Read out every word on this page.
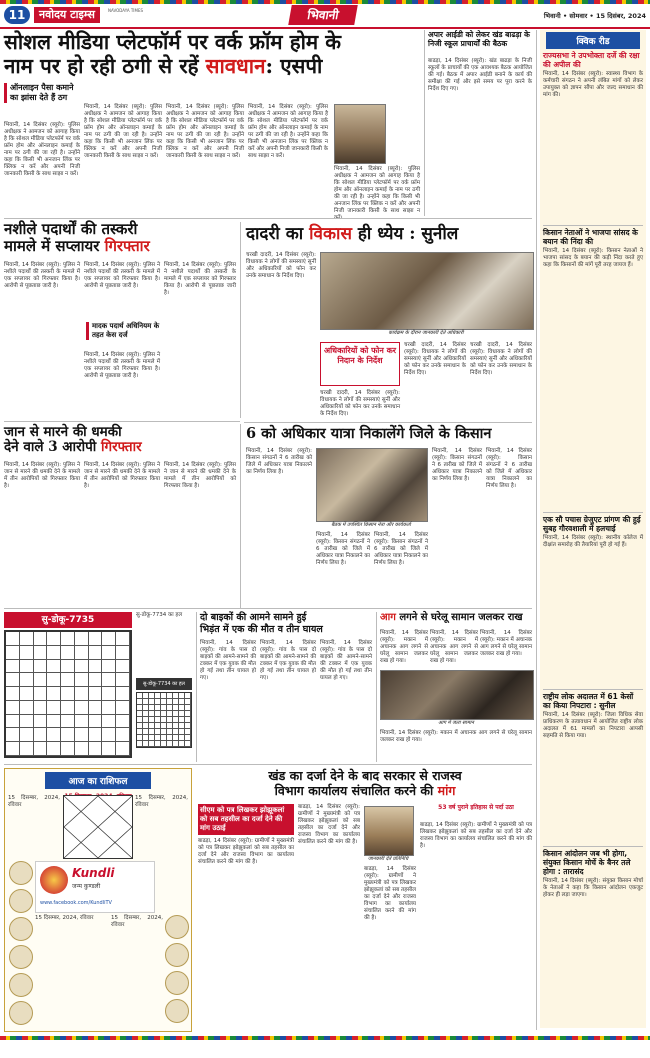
11	नवोदय टाइम्स	NAVODAYA TIMES	भिवानी	भिवानी • सोमवार • 15 दिसंबर, 2024
सोशल मीडिया प्लेटफॉर्म पर वर्क फ्रॉम होम के
नाम पर हो रही ठगी से रहें सावधान: एसपी
ऑनलाइन पैसा कमाने का झांसा देते हैं ठग
भिवानी, 14 दिसंबर (ब्यूरो): पुलिस अधीक्षक ने आमजन को आगाह किया है कि सोशल मीडिया प्लेटफॉर्म पर वर्क फ्रॉम होम और ऑनलाइन कमाई के नाम पर ठगी की जा रही है। उन्होंने कहा कि किसी भी अनजान लिंक पर क्लिक न करें और अपनी निजी जानकारी किसी के साथ साझा न करें।
भिवानी, 14 दिसंबर (ब्यूरो): पुलिस अधीक्षक ने आमजन को आगाह किया है कि सोशल मीडिया प्लेटफॉर्म पर वर्क फ्रॉम होम और ऑनलाइन कमाई के नाम पर ठगी की जा रही है। उन्होंने कहा कि किसी भी अनजान लिंक पर क्लिक न करें और अपनी निजी जानकारी किसी के साथ साझा न करें।
भिवानी, 14 दिसंबर (ब्यूरो): पुलिस अधीक्षक ने आमजन को आगाह किया है कि सोशल मीडिया प्लेटफॉर्म पर वर्क फ्रॉम होम और ऑनलाइन कमाई के नाम पर ठगी की जा रही है। उन्होंने कहा कि किसी भी अनजान लिंक पर क्लिक न करें और अपनी निजी जानकारी किसी के साथ साझा न करें।
भिवानी, 14 दिसंबर (ब्यूरो): पुलिस अधीक्षक ने आमजन को आगाह किया है कि सोशल मीडिया प्लेटफॉर्म पर वर्क फ्रॉम होम और ऑनलाइन कमाई के नाम पर ठगी की जा रही है। उन्होंने कहा कि किसी भी अनजान लिंक पर क्लिक न करें और अपनी निजी जानकारी किसी के साथ साझा न करें।
भिवानी, 14 दिसंबर (ब्यूरो): पुलिस अधीक्षक ने आमजन को आगाह किया है कि सोशल मीडिया प्लेटफॉर्म पर वर्क फ्रॉम होम और ऑनलाइन कमाई के नाम पर ठगी की जा रही है। उन्होंने कहा कि किसी भी अनजान लिंक पर क्लिक न करें और अपनी निजी जानकारी किसी के साथ साझा न
अपार आईडी को लेकर खंड बाढड़ा के निजी स्कूल प्राचार्यों की बैठक
बाढड़ा, 14 दिसंबर (ब्यूरो): खंड बाढड़ा के निजी स्कूलों के प्राचार्यों की एक आवश्यक बैठक आयोजित की गई। बैठक में अपार आईडी बनाने के कार्य की समीक्षा की गई और इसे समय पर पूरा करने के निर्देश दिए गए।
क्विक रीड
राज्यसभा ने उपभोक्ता दर्जे की रक्षा की अपील की
भिवानी, 14 दिसंबर (ब्यूरो): स्वास्थ्य विभाग के कर्मचारी संगठन ने अपनी लंबित मांगों को लेकर उपायुक्त को ज्ञापन सौंपा और जल्द समाधान की मांग की।
किसान नेताओं ने भाजपा सांसद के बयान की निंदा की
भिवानी, 14 दिसंबर (ब्यूरो): किसान नेताओं ने भाजपा सांसद के बयान की कड़ी निंदा करते हुए कहा कि किसानों की मांगें पूरी तरह जायज हैं।
एक सौ पचास ग्रेजुएट प्रांगण की हुई सुबह गौरवशाली में हलचाई
भिवानी, 14 दिसंबर (ब्यूरो): स्थानीय कॉलेज में दीक्षांत समारोह की तैयारियां पूरी हो गई हैं।
राष्ट्रीय लोक अदालत में 61 केसों का किया निपटारा : सुनील
भिवानी, 14 दिसंबर (ब्यूरो): जिला विधिक सेवा प्राधिकरण के तत्वावधान में आयोजित राष्ट्रीय लोक अदालत में 61 मामलों का निपटारा आपसी सहमति से किया गया।
किसान आंदोलन जब भी होगा, संयुक्त किसान मोर्चे के बैनर तले होगा : तारासंद
भिवानी, 14 दिसंबर (ब्यूरो): संयुक्त किसान मोर्चा के नेताओं ने कहा कि किसान आंदोलन एकजुट होकर ही लड़ा जाएगा।
नशीले पदार्थों की तस्करी
मामले में सप्लायर गिरफ्तार
भिवानी, 14 दिसंबर (ब्यूरो): पुलिस ने नशीले पदार्थों की तस्करी के मामले में एक सप्लायर को गिरफ्तार किया है। आरोपी से पूछताछ जारी है।
भिवानी, 14 दिसंबर (ब्यूरो): पुलिस ने नशीले पदार्थों की तस्करी के मामले में एक सप्लायर को गिरफ्तार किया है। आरोपी से पूछताछ जारी है।
मादक पदार्थ अधिनियम के तहत केस दर्ज
भिवानी, 14 दिसंबर (ब्यूरो): पुलिस ने नशीले पदार्थों की तस्करी के मामले में एक सप्लायर को गिरफ्तार किया है। आरोपी से पूछताछ जारी है।
भिवानी, 14 दिसंबर (ब्यूरो): पुलिस ने नशीले पदार्थों की तस्करी के मामले में एक सप्लायर को गिरफ्तार किया है। आरोपी से पूछताछ जारी है।
दादरी का विकास ही ध्येय : सुनील
चरखी दादरी, 14 दिसंबर (ब्यूरो): विधायक ने लोगों की समस्याएं सुनीं और अधिकारियों को फोन कर उनके समाधान के निर्देश दिए।
कार्यक्रम के दौरान जानकारी देते अधिकारी
अधिकारियों को फोन कर निदान के निर्देश
चरखी दादरी, 14 दिसंबर (ब्यूरो): विधायक ने लोगों की समस्याएं सुनीं और अधिकारियों को फोन कर उनके समाधान के निर्देश दिए।
चरखी दादरी, 14 दिसंबर (ब्यूरो): विधायक ने लोगों की समस्याएं सुनीं और अधिकारियों को फोन कर उनके समाधान के निर्देश दिए।
चरखी दादरी, 14 दिसंबर (ब्यूरो): विधायक ने लोगों की समस्याएं सुनीं और अधिकारियों को फोन कर उनके समाधान के निर्देश दिए।
जान से मारने की धमकी
देने वाले 3 आरोपी गिरफ्तार
भिवानी, 14 दिसंबर (ब्यूरो): पुलिस ने जान से मारने की धमकी देने के मामले में तीन आरोपियों को गिरफ्तार किया है।
भिवानी, 14 दिसंबर (ब्यूरो): पुलिस ने जान से मारने की धमकी देने के मामले में तीन आरोपियों को गिरफ्तार किया है।
भिवानी, 14 दिसंबर (ब्यूरो): पुलिस ने जान से मारने की धमकी देने के मामले में तीन आरोपियों को गिरफ्तार किया है।
6 को अधिकार यात्रा निकालेंगे जिले के किसान
भिवानी, 14 दिसंबर (ब्यूरो): किसान संगठनों ने 6 तारीख को जिले में अधिकार यात्रा निकालने का निर्णय लिया है।
बैठक में उपस्थित किसान नेता और कार्यकर्ता
भिवानी, 14 दिसंबर (ब्यूरो): किसान संगठनों ने 6 तारीख को जिले में अधिकार यात्रा निकालने का निर्णय लिया है।
भिवानी, 14 दिसंबर (ब्यूरो): किसान संगठनों ने 6 तारीख को जिले में अधिकार यात्रा निकालने का निर्णय लिया है।
भिवानी, 14 दिसंबर (ब्यूरो): किसान संगठनों ने 6 तारीख को जिले में अधिकार यात्रा निकालने का निर्णय लिया है।
भिवानी, 14 दिसंबर (ब्यूरो): किसान संगठनों ने 6 तारीख को जिले में अधिकार यात्रा निकालने का निर्णय लिया है।
सु-डोकू-7735	सु-डोकू-7734 का हल
सु-डोकू-7734 का हल
दो बाइकों की आमने सामने हुई
भिड़ंत में एक की मौत व तीन घायल
भिवानी, 14 दिसंबर (ब्यूरो): गांव के पास दो बाइकों की आमने-सामने की टक्कर में एक युवक की मौत हो गई तथा तीन घायल हो गए।
भिवानी, 14 दिसंबर (ब्यूरो): गांव के पास दो बाइकों की आमने-सामने की टक्कर में एक युवक की मौत हो गई तथा तीन घायल हो गए।
भिवानी, 14 दिसंबर (ब्यूरो): गांव के पास दो बाइकों की आमने-सामने की टक्कर में एक युवक की मौत हो गई तथा तीन घायल हो गए।
आग लगने से घरेलू सामान जलकर राख
भिवानी, 14 दिसंबर (ब्यूरो): मकान में अचानक आग लगने से घरेलू सामान जलकर राख हो गया।
भिवानी, 14 दिसंबर (ब्यूरो): मकान में अचानक आग लगने से घरेलू सामान जलकर राख हो गया।
भिवानी, 14 दिसंबर (ब्यूरो): मकान में अचानक आग लगने से घरेलू सामान जलकर राख हो गया।
आग में जला सामान
भिवानी, 14 दिसंबर (ब्यूरो): मकान में अचानक आग लगने से घरेलू सामान जलकर राख हो गया।
आज का राशिफल
15 दिसम्बर, 2024, रविवार
15 दिसम्बर, 2024, रविवार
Kundli
जन्म कुण्डली
www.facebook.com/KundliTV
15 दिसम्बर, 2024, रविवार	15 दिसम्बर, 2024, रविवार
खंड का दर्जा देने के बाद सरकार से राजस्व
विभाग कार्यालय संचालित करने की मांग
सीएम को पत्र लिखकर झोझूकलां को सब तहसील का दर्जा देने की मांग उठाई
बाढड़ा, 14 दिसंबर (ब्यूरो): ग्रामीणों ने मुख्यमंत्री को पत्र लिखकर झोझूकलां को सब तहसील का दर्जा देने और राजस्व विभाग का कार्यालय संचालित करने की मांग की है।
बाढड़ा, 14 दिसंबर (ब्यूरो): ग्रामीणों ने मुख्यमंत्री को पत्र लिखकर झोझूकलां को सब तहसील का दर्जा देने और राजस्व विभाग का कार्यालय संचालित करने की मांग की है।
जानकारी देते प्रतिनिधि
बाढड़ा, 14 दिसंबर (ब्यूरो): ग्रामीणों ने मुख्यमंत्री को पत्र लिखकर झोझूकलां को सब तहसील का दर्जा देने और राजस्व विभाग का कार्यालय संचालित करने की मांग की है।
53 वर्ष पुराने इतिहास से पर्दा उठा
बाढड़ा, 14 दिसंबर (ब्यूरो): ग्रामीणों ने मुख्यमंत्री को पत्र लिखकर झोझूकलां को सब तहसील का दर्जा देने और राजस्व विभाग का कार्यालय संचालित करने की मांग की है।
